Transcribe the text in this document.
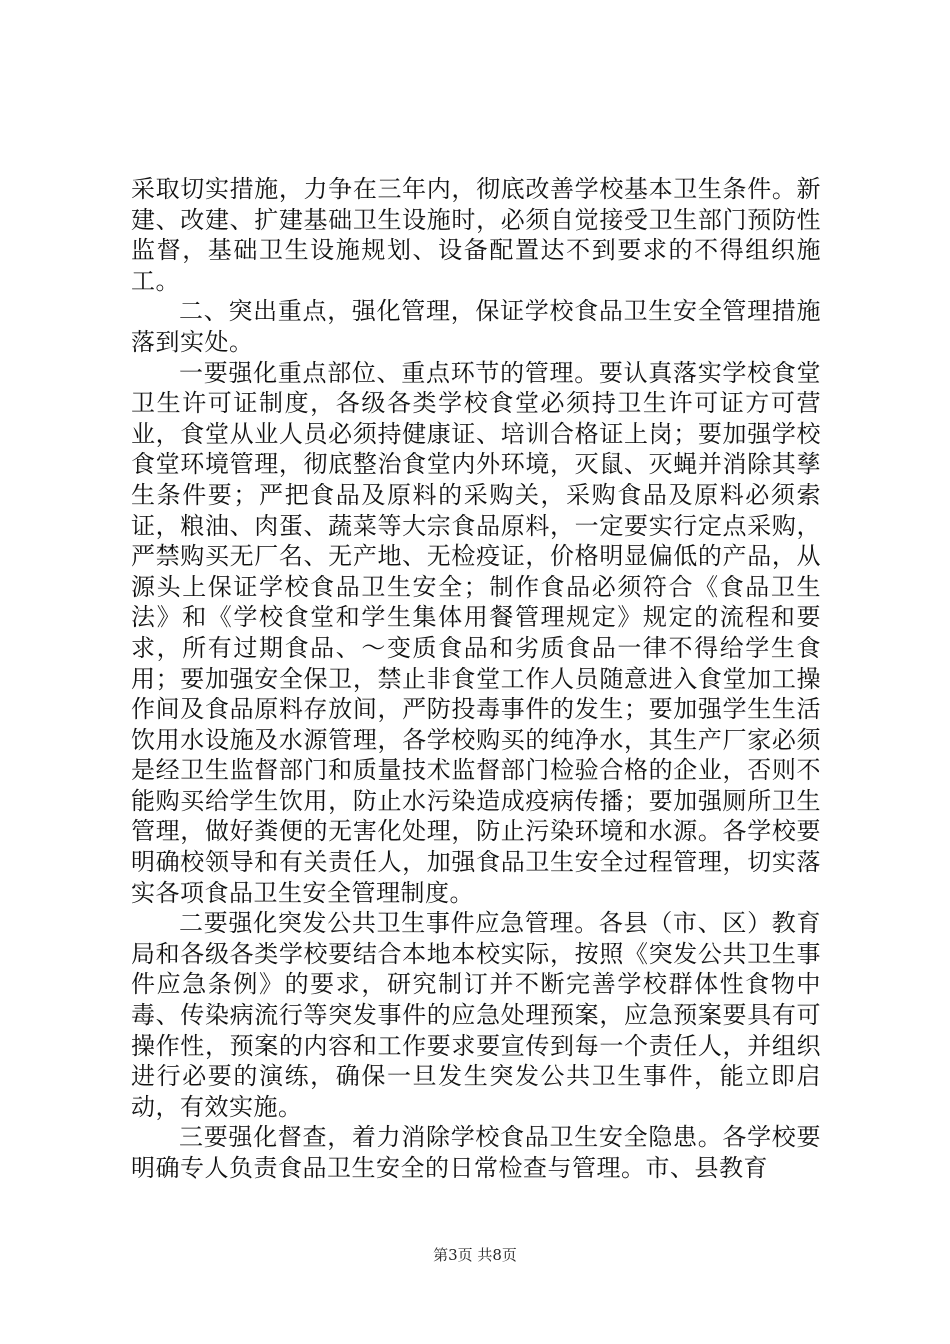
采取切实措施，力争在三年内，彻底改善学校基本卫生条件。新建、改建、扩建基础卫生设施时，必须自觉接受卫生部门预防性监督，基础卫生设施规划、设备配置达不到要求的不得组织施工。

二、突出重点，强化管理，保证学校食品卫生安全管理措施落到实处。

一要强化重点部位、重点环节的管理。要认真落实学校食堂卫生许可证制度，各级各类学校食堂必须持卫生许可证方可营业，食堂从业人员必须持健康证、培训合格证上岗；要加强学校食堂环境管理，彻底整治食堂内外环境，灭鼠、灭蝇并消除其孳生条件要；严把食品及原料的采购关，采购食品及原料必须索证，粮油、肉蛋、蔬菜等大宗食品原料，一定要实行定点采购，严禁购买无厂名、无产地、无检疫证，价格明显偏低的产品，从源头上保证学校食品卫生安全；制作食品必须符合《食品卫生法》和《学校食堂和学生集体用餐管理规定》规定的流程和要求，所有过期食品、～变质食品和劣质食品一律不得给学生食用；要加强安全保卫，禁止非食堂工作人员随意进入食堂加工操作间及食品原料存放间，严防投毒事件的发生；要加强学生生活饮用水设施及水源管理，各学校购买的纯净水，其生产厂家必须是经卫生监督部门和质量技术监督部门检验合格的企业，否则不能购买给学生饮用，防止水污染造成疫病传播；要加强厕所卫生管理，做好粪便的无害化处理，防止污染环境和水源。各学校要明确校领导和有关责任人，加强食品卫生安全过程管理，切实落实各项食品卫生安全管理制度。

二要强化突发公共卫生事件应急管理。各县（市、区）教育局和各级各类学校要结合本地本校实际，按照《突发公共卫生事件应急条例》的要求，研究制订并不断完善学校群体性食物中毒、传染病流行等突发事件的应急处理预案，应急预案要具有可操作性，预案的内容和工作要求要宣传到每一个责任人，并组织进行必要的演练，确保一旦发生突发公共卫生事件，能立即启动，有效实施。

三要强化督查，着力消除学校食品卫生安全隐患。各学校要明确专人负责食品卫生安全的日常检查与管理。市、县教育

第3页 共8页
